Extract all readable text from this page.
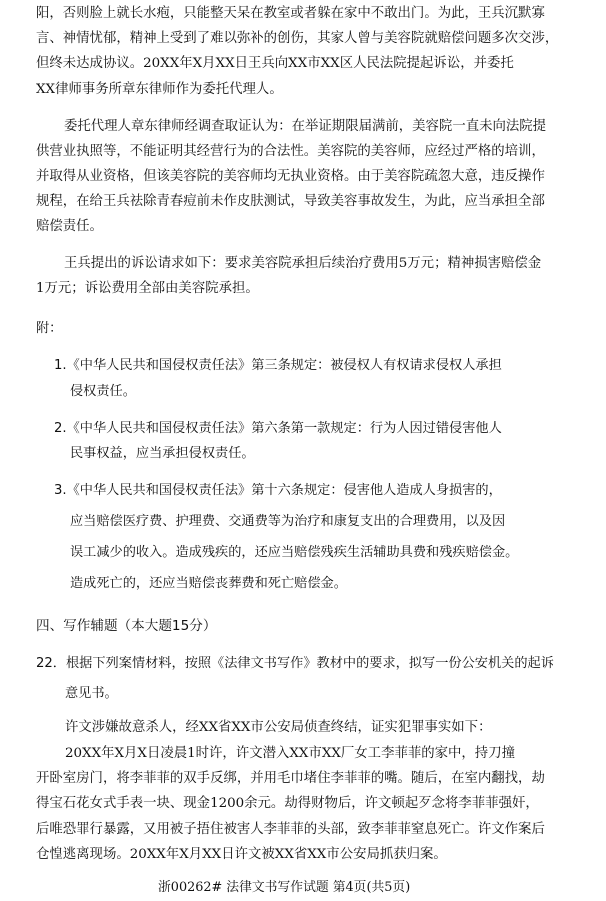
阳，否则脸上就长水疱，只能整天呆在教室或者躲在家中不敢出门。为此，王兵沉默寡
言、神情忧郁，精神上受到了难以弥补的创伤，其家人曾与美容院就赔偿问题多次交涉，
但终未达成协议。20XX年X月XX日王兵向XX市XX区人民法院提起诉讼，并委托
XX律师事务所章东律师作为委托代理人。
委托代理人章东律师经调查取证认为：在举证期限届满前，美容院一直未向法院提
供营业执照等，不能证明其经营行为的合法性。美容院的美容师，应经过严格的培训，
并取得从业资格，但该美容院的美容师均无执业资格。由于美容院疏忽大意，违反操作
规程，在给王兵祛除青春痘前未作皮肤测试，导致美容事故发生，为此，应当承担全部
赔偿责任。
王兵提出的诉讼请求如下：要求美容院承担后续治疗费用5万元；精神损害赔偿金
1万元；诉讼费用全部由美容院承担。
附：
1.《中华人民共和国侵权责任法》第三条规定：被侵权人有权请求侵权人承担
侵权责任。
2.《中华人民共和国侵权责任法》第六条第一款规定：行为人因过错侵害他人
民事权益，应当承担侵权责任。
3.《中华人民共和国侵权责任法》第十六条规定：侵害他人造成人身损害的，
应当赔偿医疗费、护理费、交通费等为治疗和康复支出的合理费用，以及因
误工减少的收入。造成残疾的，还应当赔偿残疾生活辅助具费和残疾赔偿金。
造成死亡的，还应当赔偿丧葬费和死亡赔偿金。
四、写作辅题（本大题15分）
22．根据下列案情材料，按照《法律文书写作》教材中的要求，拟写一份公安机关的起诉
意见书。
许文涉嫌故意杀人，经XX省XX市公安局侦查终结，证实犯罪事实如下：
20XX年X月X日凌晨1时许，许文潜入XX市XX厂女工李菲菲的家中，持刀撞
开卧室房门，将李菲菲的双手反绑，并用毛巾堵住李菲菲的嘴。随后，在室内翻找，劫
得宝石花女式手表一块、现金1200余元。劫得财物后，许文顿起歹念将李菲菲强奸，
后唯恐罪行暴露，又用被子捂住被害人李菲菲的头部，致李菲菲窒息死亡。许文作案后
仓惶逃离现场。20XX年X月XX日许文被XX省XX市公安局抓获归案。
浙00262# 法律文书写作试题 第4页(共5页)
